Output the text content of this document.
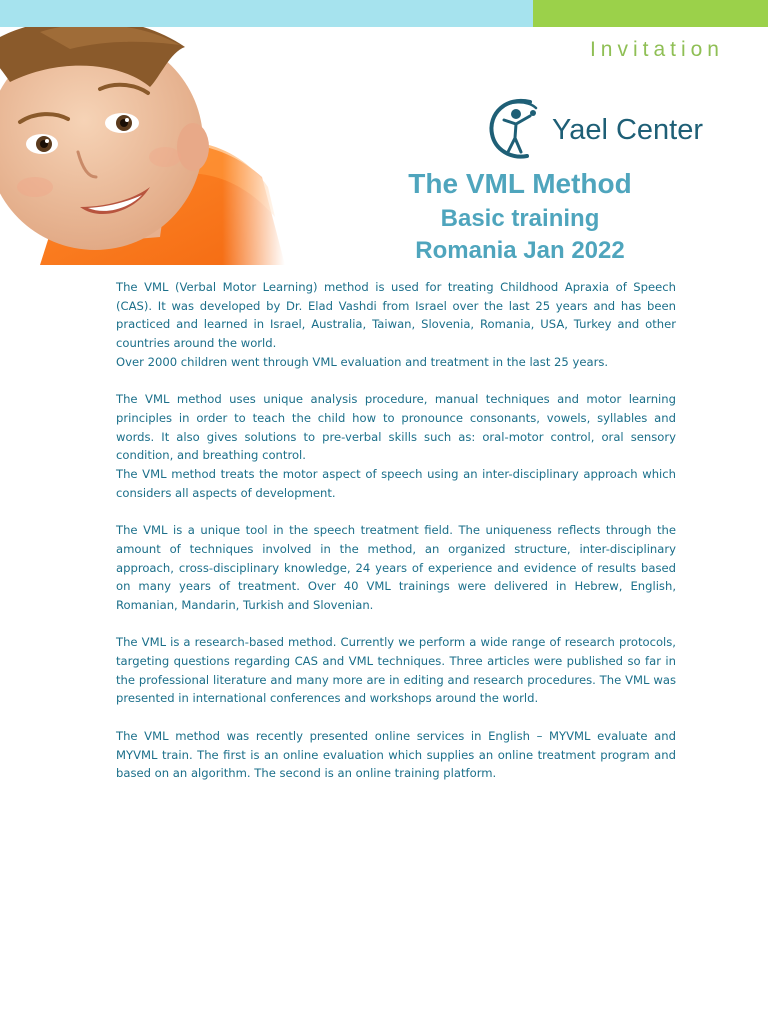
Invitation
Yael Center
The VML Method
Basic training
Romania Jan 2022

The VML (Verbal Motor Learning) method is used for treating Childhood Apraxia of Speech (CAS). It was developed by Dr. Elad Vashdi from Israel over the last 25 years and has been practiced and learned in Israel, Australia, Taiwan, Slovenia, Romania, USA, Turkey and other countries around the world.
Over 2000 children went through VML evaluation and treatment in the last 25 years.

The VML method uses unique analysis procedure, manual techniques and motor learning principles in order to teach the child how to pronounce consonants, vowels, syllables and words. It also gives solutions to pre-verbal skills such as: oral-motor control, oral sensory condition, and breathing control.
The VML method treats the motor aspect of speech using an inter-disciplinary approach which considers all aspects of development.

The VML is a unique tool in the speech treatment field. The uniqueness reflects through the amount of techniques involved in the method, an organized structure, inter-disciplinary approach, cross-disciplinary knowledge, 24 years of experience and evidence of results based on many years of treatment. Over 40 VML trainings were delivered in Hebrew, English, Romanian, Mandarin, Turkish and Slovenian.

The VML is a research-based method. Currently we perform a wide range of research protocols, targeting questions regarding CAS and VML techniques. Three articles were published so far in the professional literature and many more are in editing and research procedures. The VML was presented in international conferences and workshops around the world.

The VML method was recently presented online services in English – MYVML evaluate and MYVML train. The first is an online evaluation which supplies an online treatment program and based on an algorithm. The second is an online training platform.
